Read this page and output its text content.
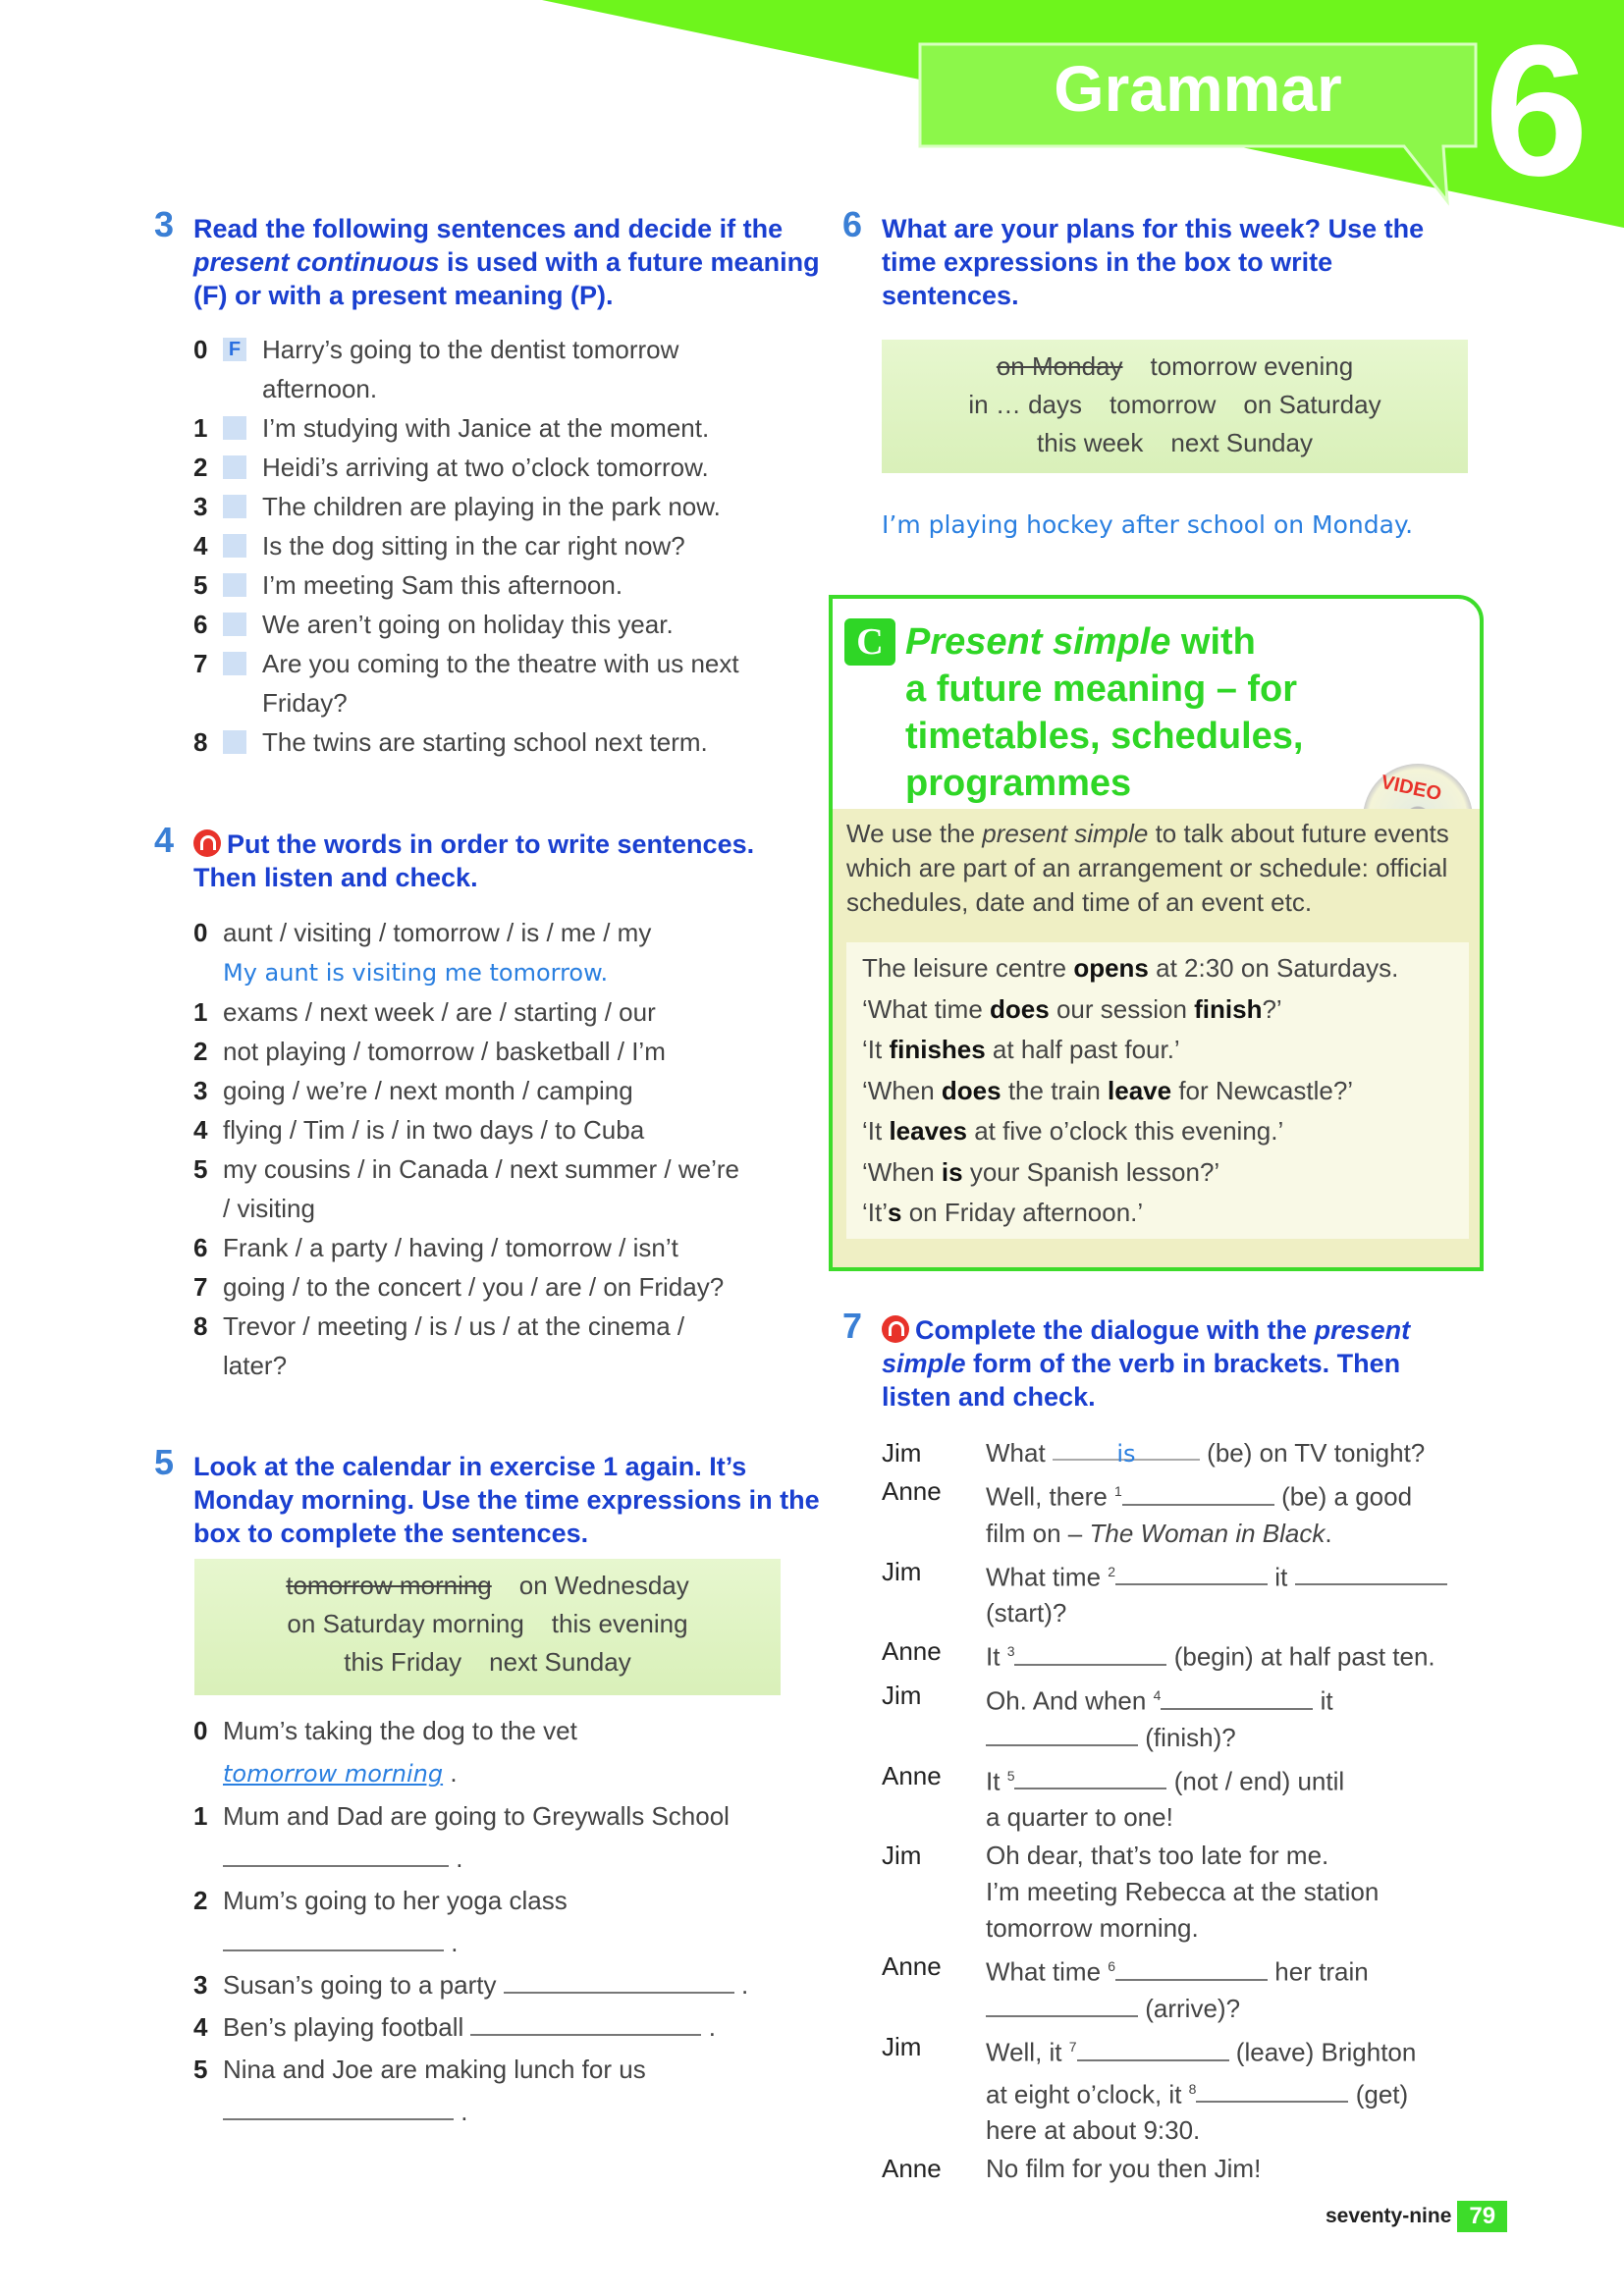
Grammar 6
3 Read the following sentences and decide if the present continuous is used with a future meaning (F) or with a present meaning (P).
0	F Harry’s going to the dentist tomorrow afternoon.
1	I’m studying with Janice at the moment.
2	Heidi’s arriving at two o’clock tomorrow.
3	The children are playing in the park now.
4	Is the dog sitting in the car right now?
5	I’m meeting Sam this afternoon.
6	We aren’t going on holiday this year.
7	Are you coming to the theatre with us next Friday?
8	The twins are starting school next term.
4	Put the words in order to write sentences. Then listen and check.
0 aunt / visiting / tomorrow / is / me / my
My aunt is visiting me tomorrow.
1 exams / next week / are / starting / our
2 not playing / tomorrow / basketball / I’m
3 going / we’re / next month / camping
4 flying / Tim / is / in two days / to Cuba
5 my cousins / in Canada / next summer / we’re / visiting
6 Frank / a party / having / tomorrow / isn’t
7 going / to the concert / you / are / on Friday?
8 Trevor / meeting / is / us / at the cinema / later?
5 Look at the calendar in exercise 1 again. It’s Monday morning. Use the time expressions in the box to complete the sentences.
tomorrow morning on Wednesday
on Saturday morning this evening
this Friday next Sunday
0 Mum’s taking the dog to the vet
tomorrow morning .
1 Mum and Dad are going to Greywalls School
.
2 Mum’s going to her yoga class  .
3 Susan’s going to a party	.
4 Ben’s playing football	.
5 Nina and Joe are making lunch for us
.
6 What are your plans for this week? Use the time expressions in the box to write sentences.
on Monday tomorrow evening
in … days tomorrow on Saturday
this week next Sunday
I’m playing hockey after school on Monday.
C Present simple with
a future meaning – for
timetables, schedules,
programmes	VIDEO
We use the present simple to talk about future events which are part of an arrangement or schedule: official schedules, date and time of an event etc.
The leisure centre opens at 2:30 on Saturdays.
‘What time does our session finish?’
‘It finishes at half past four.’
‘When does the train leave for Newcastle?’
‘It leaves at five o’clock this evening.’
‘When is your Spanish lesson?’
‘It’s on Friday afternoon.’
7	Complete the dialogue with the present simple form of the verb in brackets. Then listen and check.
Jim	What	is	(be) on TV tonight?
Anne	Well, there $^1$	(be) a good
film on – The Woman in Black.
Jim	What time $^2$	it
(start)?
Anne	It $^3$	(begin) at half past ten.
Jim	Oh. And when $^4$	it
(finish)?
Anne	It $^5$	(not / end) until
a quarter to one!
Jim	Oh dear, that’s too late for me.
I’m meeting Rebecca at the station
tomorrow morning.
Anne	What time $^6$	her train
(arrive)?
Jim	Well, it $^7$	(leave) Brighton
at eight o’clock, it $^8$	(get)
here at about 9:30.
Anne	No film for you then Jim!
seventy-nine 79
